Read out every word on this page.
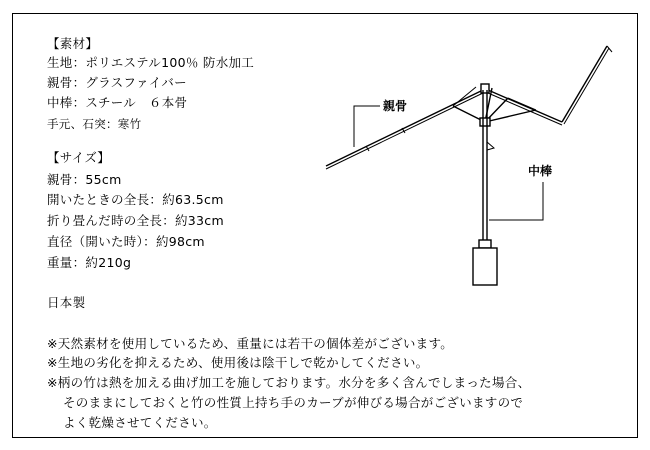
【素材】
生地：ポリエステル100％ 防水加工
親骨：グラスファイバー
中棒：スチール　６本骨
手元、石突：寒竹
【サイズ】
親骨：55cm
開いたときの全長：約63.5cm
折り畳んだ時の全長：約33cm
直径（開いた時）：約98cm
重量：約210g
日本製
※天然素材を使用しているため、重量には若干の個体差がございます。
※生地の劣化を抑えるため、使用後は陰干しで乾かしてください。
※柄の竹は熱を加える曲げ加工を施しております。水分を多く含んでしまった場合、
そのままにしておくと竹の性質上持ち手のカーブが伸びる場合がございますので
よく乾燥させてください。
親骨
中棒
